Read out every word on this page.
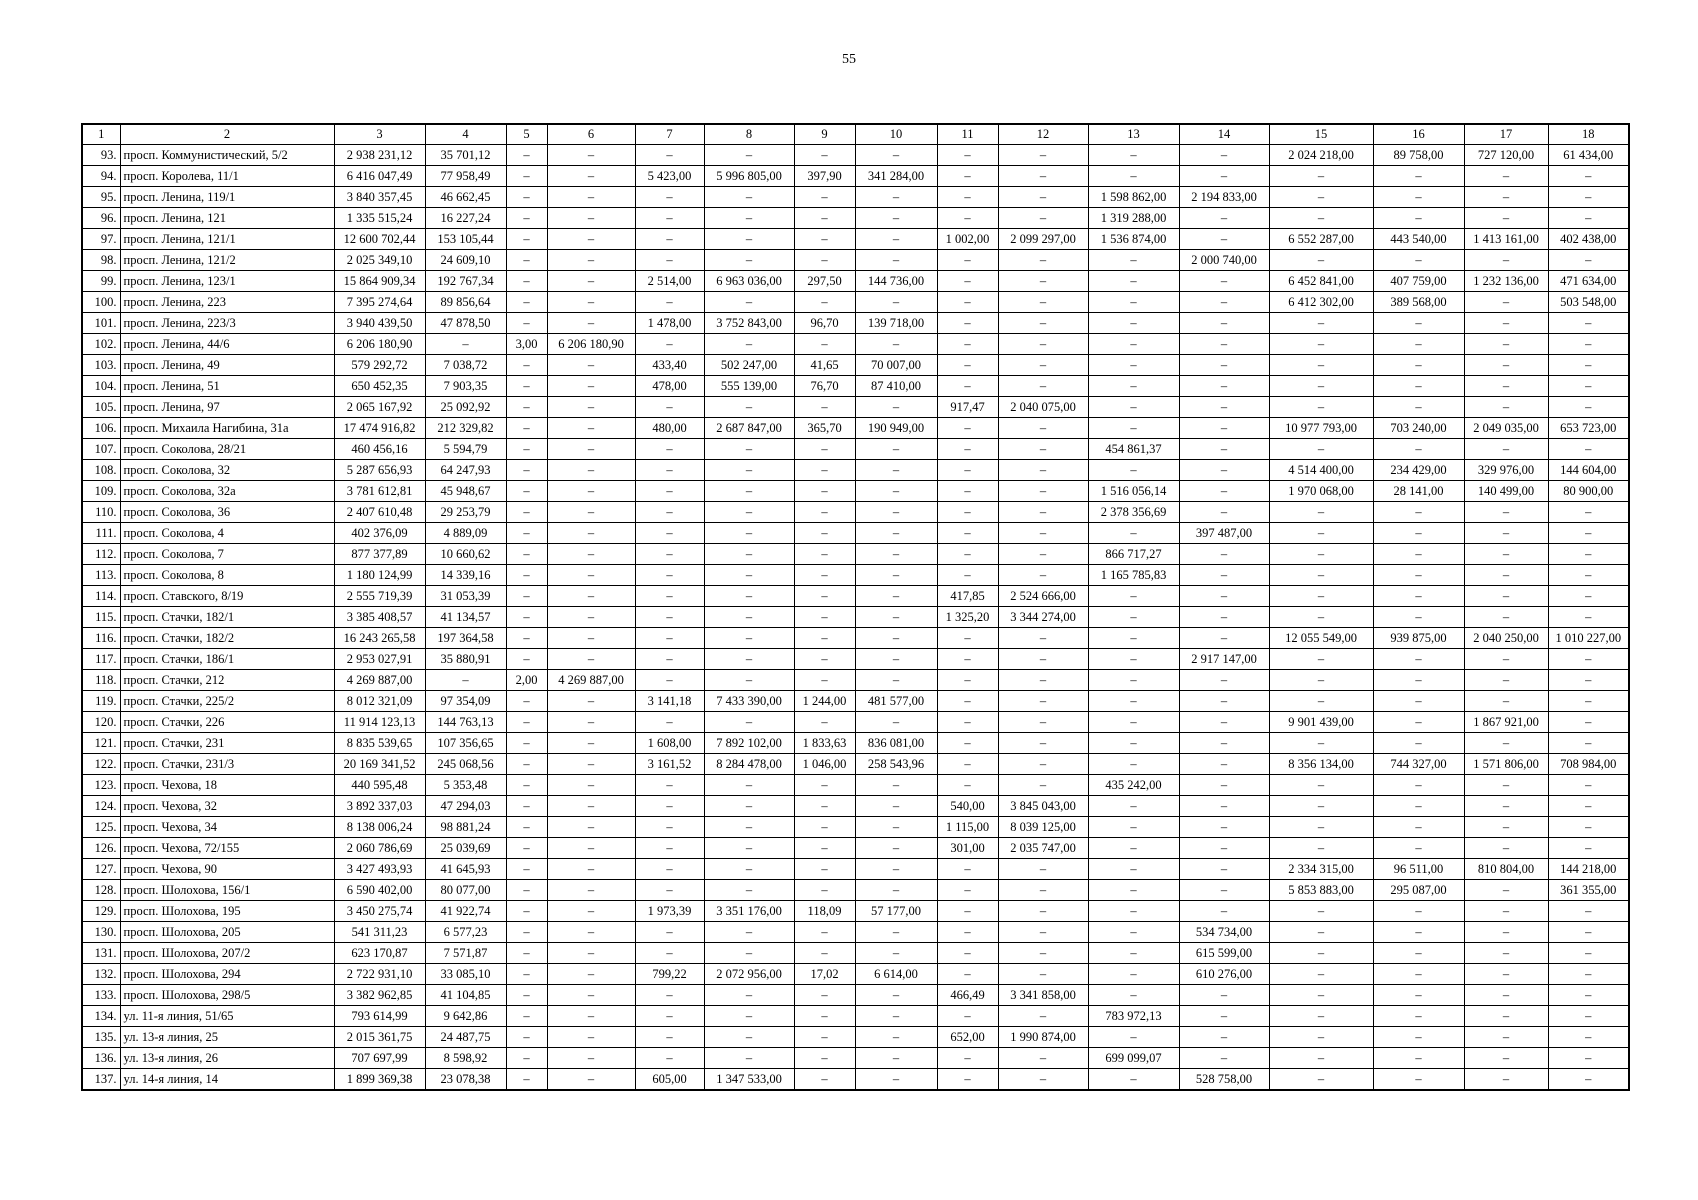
55
1	2	3	4	5	6	7	8	9	10	11	12	13	14	15	16	17	18
93.	просп. Коммунистический, 5/2	2 938 231,12	35 701,12	–	–	–	–	–	–	–	–	–	–	2 024 218,00	89 758,00	727 120,00	61 434,00
94.	просп. Королева, 11/1	6 416 047,49	77 958,49	–	–	5 423,00	5 996 805,00	397,90	341 284,00	–	–	–	–	–	–	–	–
95.	просп. Ленина, 119/1	3 840 357,45	46 662,45	–	–	–	–	–	–	–	–	1 598 862,00	2 194 833,00	–	–	–	–
96.	просп. Ленина, 121	1 335 515,24	16 227,24	–	–	–	–	–	–	–	–	1 319 288,00	–	–	–	–	–
97.	просп. Ленина, 121/1	12 600 702,44	153 105,44	–	–	–	–	–	–	1 002,00	2 099 297,00	1 536 874,00	–	6 552 287,00	443 540,00	1 413 161,00	402 438,00
98.	просп. Ленина, 121/2	2 025 349,10	24 609,10	–	–	–	–	–	–	–	–	–	2 000 740,00	–	–	–	–
99.	просп. Ленина, 123/1	15 864 909,34	192 767,34	–	–	2 514,00	6 963 036,00	297,50	144 736,00	–	–	–	–	6 452 841,00	407 759,00	1 232 136,00	471 634,00
100.	просп. Ленина, 223	7 395 274,64	89 856,64	–	–	–	–	–	–	–	–	–	–	6 412 302,00	389 568,00	–	503 548,00
101.	просп. Ленина, 223/3	3 940 439,50	47 878,50	–	–	1 478,00	3 752 843,00	96,70	139 718,00	–	–	–	–	–	–	–	–
102.	просп. Ленина, 44/6	6 206 180,90	–	3,00	6 206 180,90	–	–	–	–	–	–	–	–	–	–	–	–
103.	просп. Ленина, 49	579 292,72	7 038,72	–	–	433,40	502 247,00	41,65	70 007,00	–	–	–	–	–	–	–	–
104.	просп. Ленина, 51	650 452,35	7 903,35	–	–	478,00	555 139,00	76,70	87 410,00	–	–	–	–	–	–	–	–
105.	просп. Ленина, 97	2 065 167,92	25 092,92	–	–	–	–	–	–	917,47	2 040 075,00	–	–	–	–	–	–
106.	просп. Михаила Нагибина, 31а	17 474 916,82	212 329,82	–	–	480,00	2 687 847,00	365,70	190 949,00	–	–	–	–	10 977 793,00	703 240,00	2 049 035,00	653 723,00
107.	просп. Соколова, 28/21	460 456,16	5 594,79	–	–	–	–	–	–	–	–	454 861,37	–	–	–	–	–
108.	просп. Соколова, 32	5 287 656,93	64 247,93	–	–	–	–	–	–	–	–	–	–	4 514 400,00	234 429,00	329 976,00	144 604,00
109.	просп. Соколова, 32а	3 781 612,81	45 948,67	–	–	–	–	–	–	–	–	1 516 056,14	–	1 970 068,00	28 141,00	140 499,00	80 900,00
110.	просп. Соколова, 36	2 407 610,48	29 253,79	–	–	–	–	–	–	–	–	2 378 356,69	–	–	–	–	–
111.	просп. Соколова, 4	402 376,09	4 889,09	–	–	–	–	–	–	–	–	–	397 487,00	–	–	–	–
112.	просп. Соколова, 7	877 377,89	10 660,62	–	–	–	–	–	–	–	–	866 717,27	–	–	–	–	–
113.	просп. Соколова, 8	1 180 124,99	14 339,16	–	–	–	–	–	–	–	–	1 165 785,83	–	–	–	–	–
114.	просп. Ставского, 8/19	2 555 719,39	31 053,39	–	–	–	–	–	–	417,85	2 524 666,00	–	–	–	–	–	–
115.	просп. Стачки, 182/1	3 385 408,57	41 134,57	–	–	–	–	–	–	1 325,20	3 344 274,00	–	–	–	–	–	–
116.	просп. Стачки, 182/2	16 243 265,58	197 364,58	–	–	–	–	–	–	–	–	–	–	12 055 549,00	939 875,00	2 040 250,00	1 010 227,00
117.	просп. Стачки, 186/1	2 953 027,91	35 880,91	–	–	–	–	–	–	–	–	–	2 917 147,00	–	–	–	–
118.	просп. Стачки, 212	4 269 887,00	–	2,00	4 269 887,00	–	–	–	–	–	–	–	–	–	–	–	–
119.	просп. Стачки, 225/2	8 012 321,09	97 354,09	–	–	3 141,18	7 433 390,00	1 244,00	481 577,00	–	–	–	–	–	–	–	–
120.	просп. Стачки, 226	11 914 123,13	144 763,13	–	–	–	–	–	–	–	–	–	–	9 901 439,00	–	1 867 921,00	–
121.	просп. Стачки, 231	8 835 539,65	107 356,65	–	–	1 608,00	7 892 102,00	1 833,63	836 081,00	–	–	–	–	–	–	–	–
122.	просп. Стачки, 231/3	20 169 341,52	245 068,56	–	–	3 161,52	8 284 478,00	1 046,00	258 543,96	–	–	–	–	8 356 134,00	744 327,00	1 571 806,00	708 984,00
123.	просп. Чехова, 18	440 595,48	5 353,48	–	–	–	–	–	–	–	–	435 242,00	–	–	–	–	–
124.	просп. Чехова, 32	3 892 337,03	47 294,03	–	–	–	–	–	–	540,00	3 845 043,00	–	–	–	–	–	–
125.	просп. Чехова, 34	8 138 006,24	98 881,24	–	–	–	–	–	–	1 115,00	8 039 125,00	–	–	–	–	–	–
126.	просп. Чехова, 72/155	2 060 786,69	25 039,69	–	–	–	–	–	–	301,00	2 035 747,00	–	–	–	–	–	–
127.	просп. Чехова, 90	3 427 493,93	41 645,93	–	–	–	–	–	–	–	–	–	–	2 334 315,00	96 511,00	810 804,00	144 218,00
128.	просп. Шолохова, 156/1	6 590 402,00	80 077,00	–	–	–	–	–	–	–	–	–	–	5 853 883,00	295 087,00	–	361 355,00
129.	просп. Шолохова, 195	3 450 275,74	41 922,74	–	–	1 973,39	3 351 176,00	118,09	57 177,00	–	–	–	–	–	–	–	–
130.	просп. Шолохова, 205	541 311,23	6 577,23	–	–	–	–	–	–	–	–	–	534 734,00	–	–	–	–
131.	просп. Шолохова, 207/2	623 170,87	7 571,87	–	–	–	–	–	–	–	–	–	615 599,00	–	–	–	–
132.	просп. Шолохова, 294	2 722 931,10	33 085,10	–	–	799,22	2 072 956,00	17,02	6 614,00	–	–	–	610 276,00	–	–	–	–
133.	просп. Шолохова, 298/5	3 382 962,85	41 104,85	–	–	–	–	–	–	466,49	3 341 858,00	–	–	–	–	–	–
134.	ул. 11-я линия, 51/65	793 614,99	9 642,86	–	–	–	–	–	–	–	–	783 972,13	–	–	–	–	–
135.	ул. 13-я линия, 25	2 015 361,75	24 487,75	–	–	–	–	–	–	652,00	1 990 874,00	–	–	–	–	–	–
136.	ул. 13-я линия, 26	707 697,99	8 598,92	–	–	–	–	–	–	–	–	699 099,07	–	–	–	–	–
137.	ул. 14-я линия, 14	1 899 369,38	23 078,38	–	–	605,00	1 347 533,00	–	–	–	–	–	528 758,00	–	–	–	–
